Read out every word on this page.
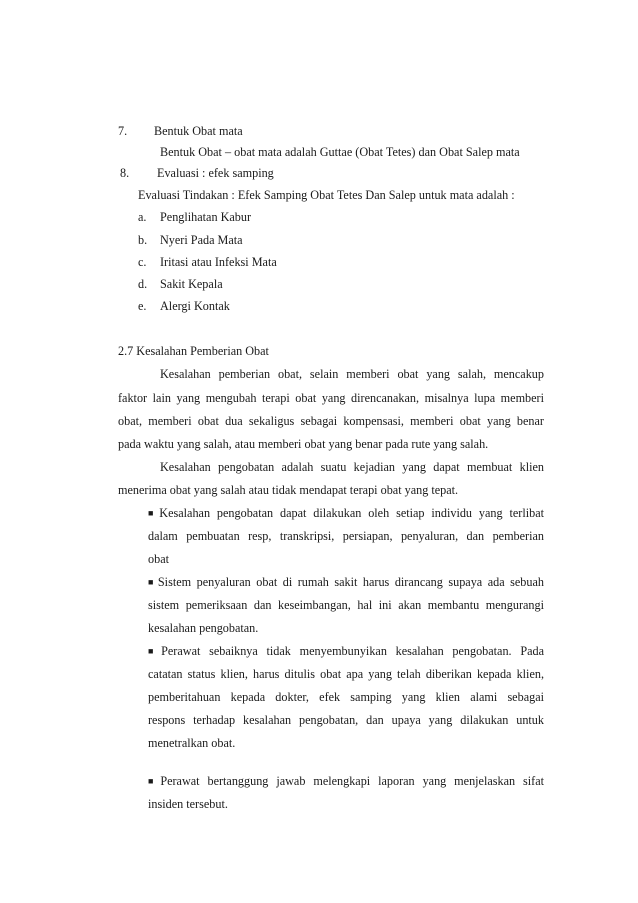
7. Bentuk Obat mata
Bentuk Obat – obat mata adalah Guttae (Obat Tetes) dan Obat Salep mata
8. Evaluasi : efek samping
Evaluasi Tindakan : Efek Samping Obat Tetes Dan Salep untuk mata adalah :
a. Penglihatan Kabur
b. Nyeri Pada Mata
c. Iritasi atau Infeksi Mata
d. Sakit Kepala
e. Alergi Kontak
2.7 Kesalahan Pemberian Obat
Kesalahan pemberian obat, selain memberi obat yang salah, mencakup
faktor lain yang mengubah terapi obat yang direncanakan, misalnya lupa memberi
obat, memberi obat dua sekaligus sebagai kompensasi, memberi obat yang benar
pada waktu yang salah, atau memberi obat yang benar pada rute yang salah.
Kesalahan pengobatan adalah suatu kejadian yang dapat membuat klien
menerima obat yang salah atau tidak mendapat terapi obat yang tepat.
■ Kesalahan pengobatan dapat dilakukan oleh setiap individu yang terlibat
dalam pembuatan resp, transkripsi, persiapan, penyaluran, dan pemberian
obat
■ Sistem penyaluran obat di rumah sakit harus dirancang supaya ada sebuah
sistem pemeriksaan dan keseimbangan, hal ini akan membantu mengurangi
kesalahan pengobatan.
■ Perawat sebaiknya tidak menyembunyikan kesalahan pengobatan. Pada
catatan status klien, harus ditulis obat apa yang telah diberikan kepada klien,
pemberitahuan kepada dokter, efek samping yang klien alami sebagai
respons terhadap kesalahan pengobatan, dan upaya yang dilakukan untuk
menetralkan obat.
■ Perawat bertanggung jawab melengkapi laporan yang menjelaskan sifat
insiden tersebut.
